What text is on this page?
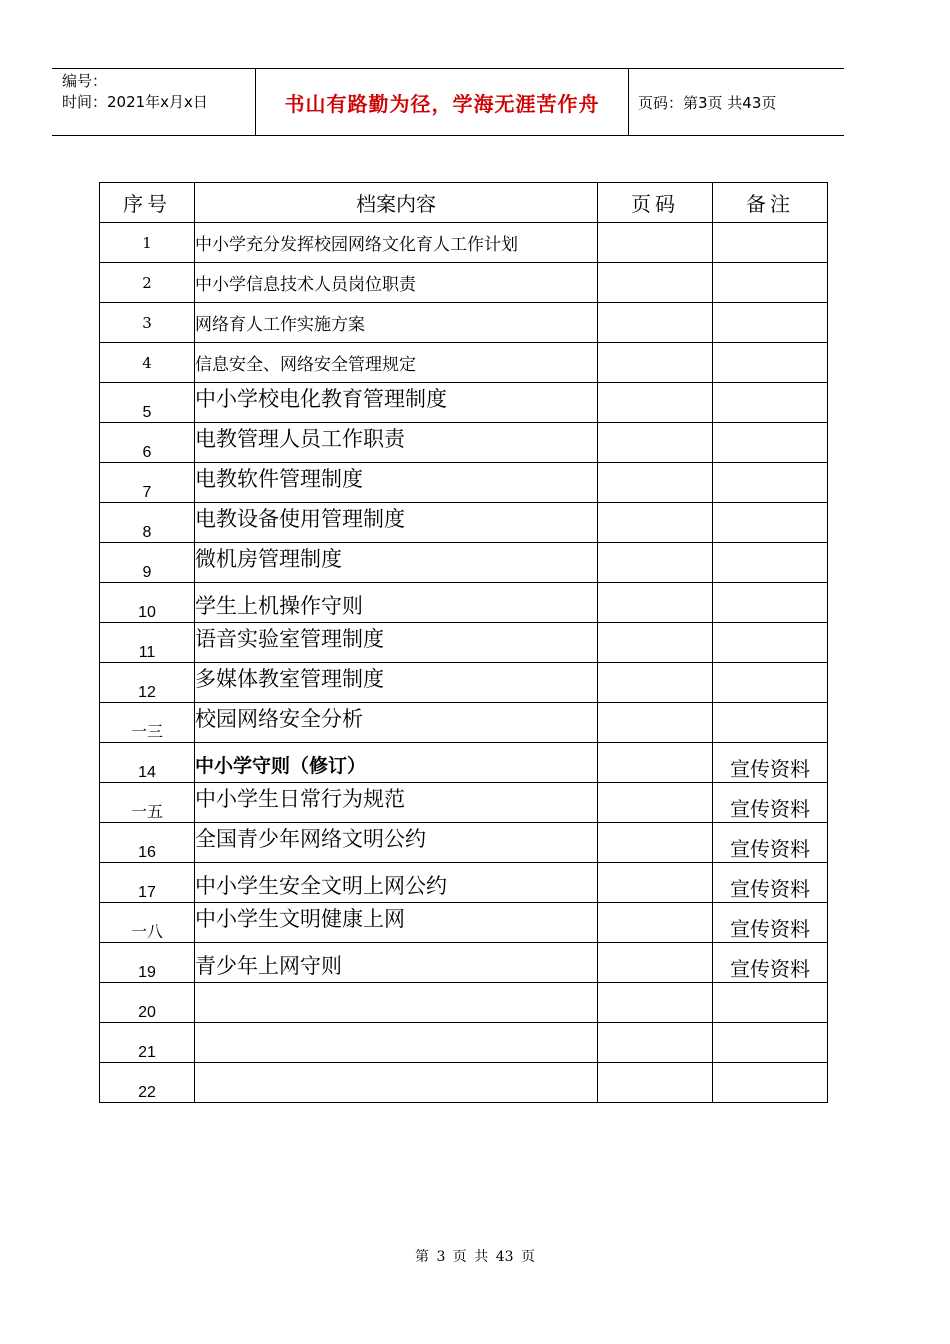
编号：
时间：2021年x月x日	书山有路勤为径，学海无涯苦作舟	页码：第3页 共43页
序号	档案内容	页码	备注
1	中小学充分发挥校园网络文化育人工作计划		
2	中小学信息技术人员岗位职责		
3	网络育人工作实施方案		
4	信息安全、网络安全管理规定		
5	中小学校电化教育管理制度		
6	电教管理人员工作职责		
7	电教软件管理制度		
8	电教设备使用管理制度		
9	微机房管理制度		
10	学生上机操作守则		
11	语音实验室管理制度		
12	多媒体教室管理制度		
一三	校园网络安全分析		
14	中小学守则（修订）		宣传资料
一五	中小学生日常行为规范		宣传资料
16	全国青少年网络文明公约		宣传资料
17	中小学生安全文明上网公约		宣传资料
一八	中小学生文明健康上网		宣传资料
19	青少年上网守则		宣传资料
20			
21			
22			
第 3 页 共 43 页
